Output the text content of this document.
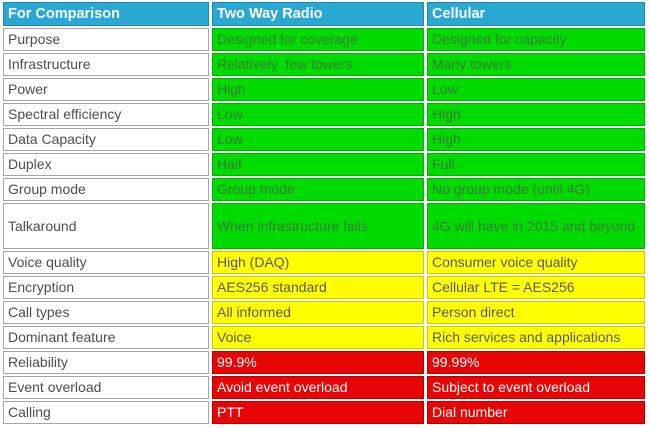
For Comparison	Two Way Radio	Cellular
Purpose	Designed for coverage	Designed for capacity
Infrastructure	Relatively  few towers	Many towers
Power	High	Low
Spectral efficiency	Low	High
Data Capacity	Low	High
Duplex	Half	Full
Group mode	Group mode	No group mode (until 4G)
Talkaround	When infrastructure fails	4G will have in 2015 and beyond
Voice quality	High (DAQ)	Consumer voice quality
Encryption	AES256 standard	Cellular LTE = AES256
Call types	All informed	Person direct
Dominant feature	Voice	Rich services and applications
Reliability	99.9%	99.99%
Event overload	Avoid event overload	Subject to event overload
Calling	PTT	Dial number
